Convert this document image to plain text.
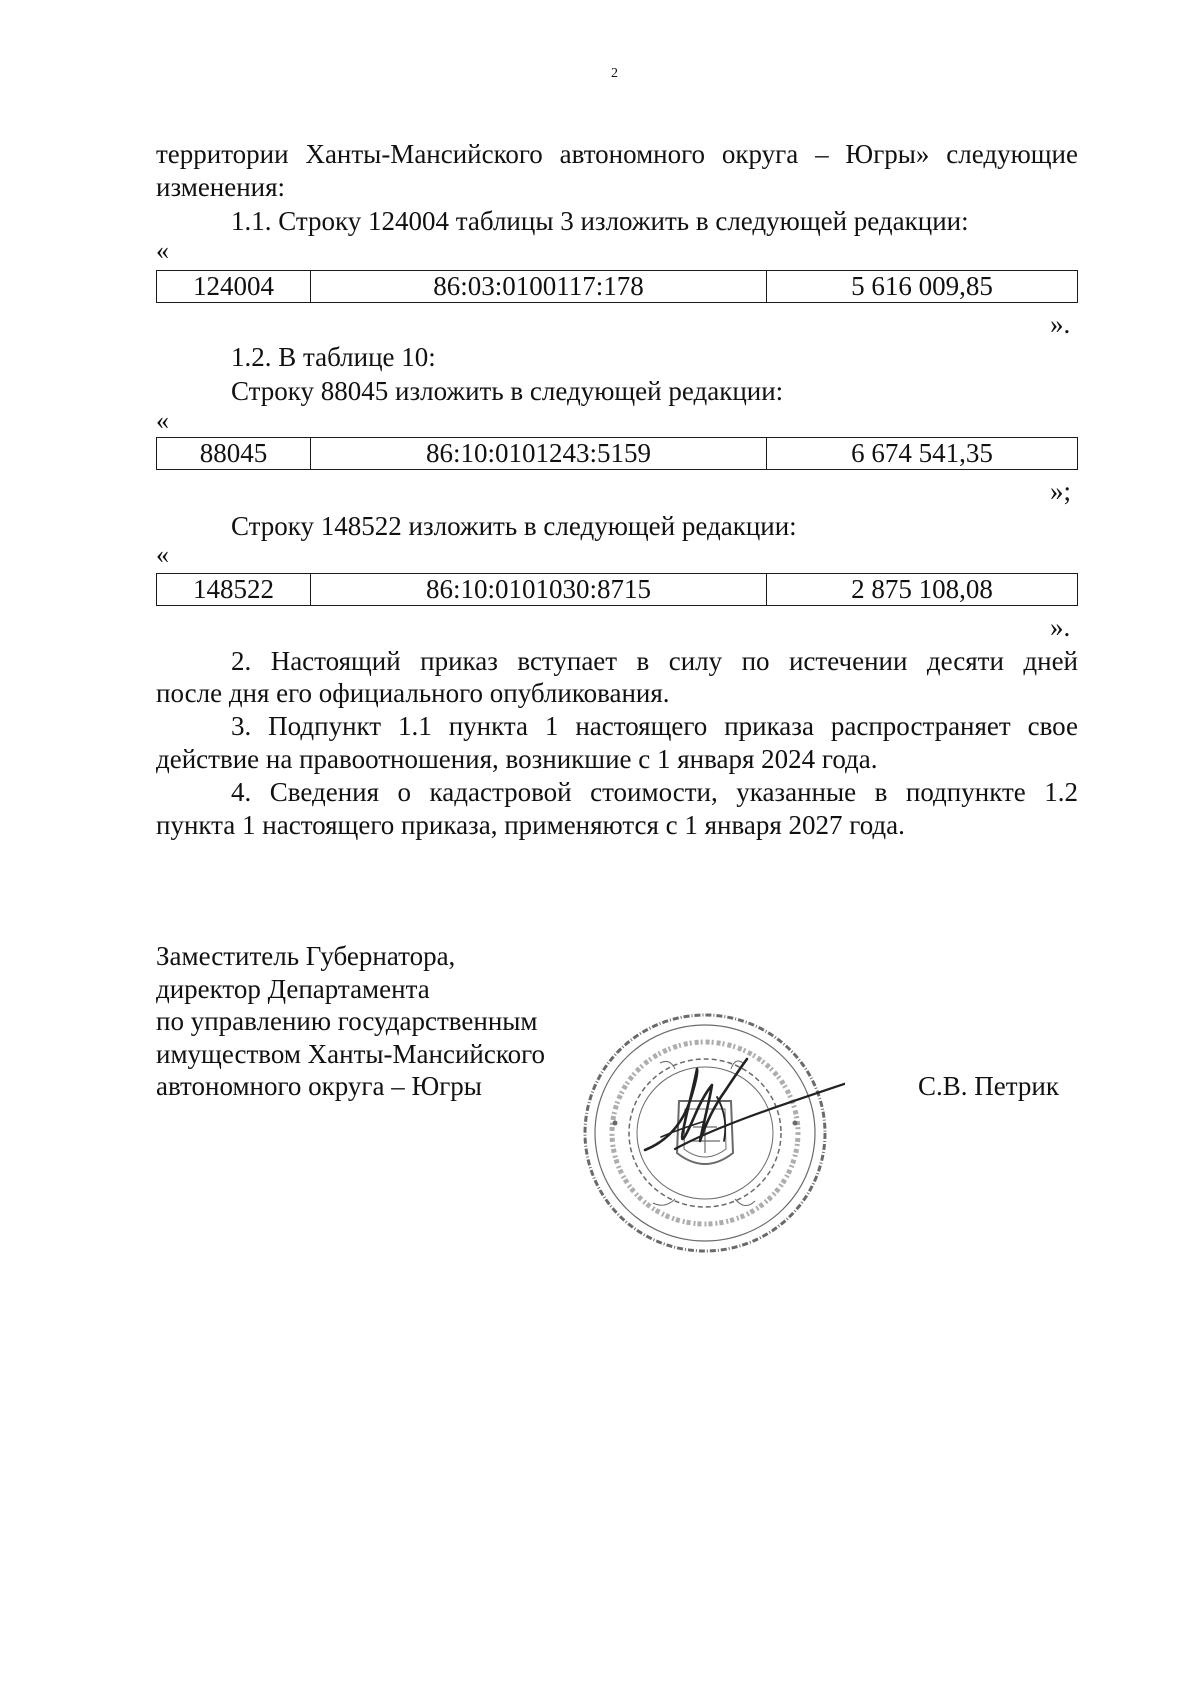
2
территории Ханты-Мансийского автономного округа – Югры» следующие
изменения:
1.1. Строку 124004 таблицы 3 изложить в следующей редакции:
«
124004	86:03:0100117:178	5 616 009,85
».
1.2. В таблице 10:
Строку 88045 изложить в следующей редакции:
«
88045	86:10:0101243:5159	6 674 541,35
»;
Строку 148522 изложить в следующей редакции:
«
148522	86:10:0101030:8715	2 875 108,08
».
2. Настоящий приказ вступает в силу по истечении десяти дней
после дня его официального опубликования.
3. Подпункт 1.1 пункта 1 настоящего приказа распространяет свое
действие на правоотношения, возникшие с 1 января 2024 года.
4. Сведения о кадастровой стоимости, указанные в подпункте 1.2
пункта 1 настоящего приказа, применяются с 1 января 2027 года.
Заместитель Губернатора,
директор Департамента
по управлению государственным
имуществом Ханты-Мансийского
автономного округа – Югры	С.В. Петрик
